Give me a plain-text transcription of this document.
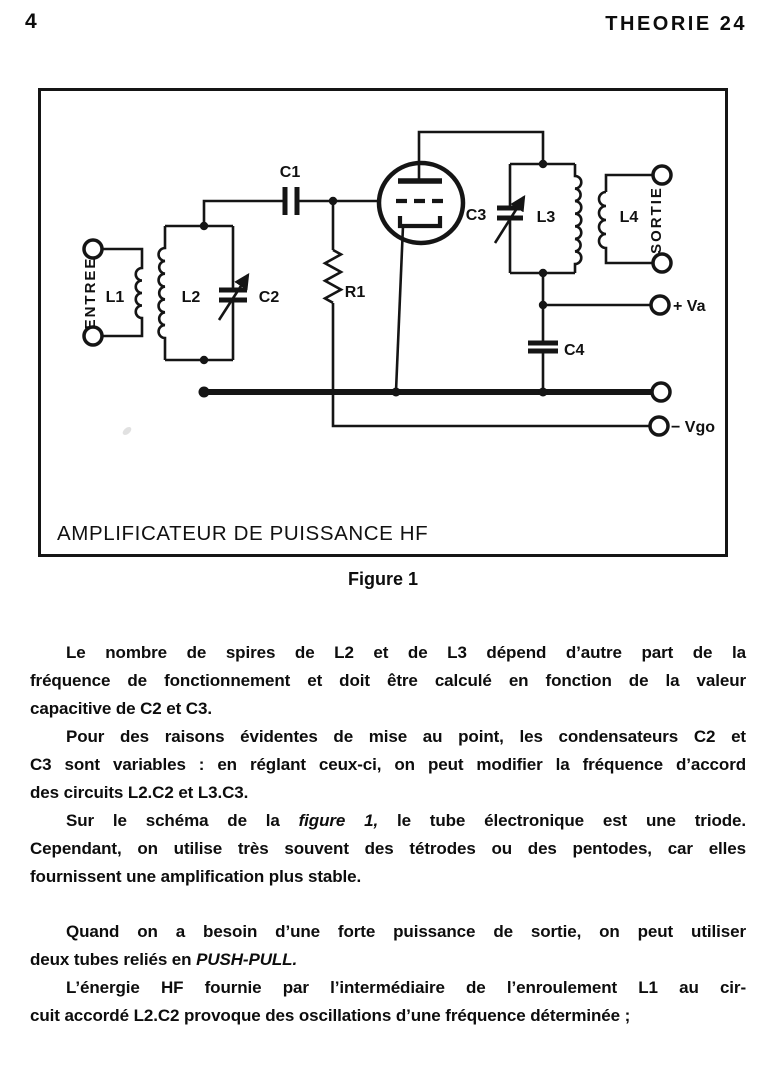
4	THEORIE 24
C1
L1	L2	C2	R1
C3	L3	L4
C4
+ Va
− Vgo
ENTREE
SORTIE
AMPLIFICATEUR DE PUISSANCE HF
Figure 1
Le nombre de spires de L2 et de L3 dépend d’autre part de la
fréquence de fonctionnement et doit être calculé en fonction de la valeur
capacitive de C2 et C3.
Pour des raisons évidentes de mise au point, les condensateurs C2 et
C3 sont variables : en réglant ceux-ci, on peut modifier la fréquence d’accord
des circuits L2.C2 et L3.C3.
Sur le schéma de la figure 1, le tube électronique est une triode.
Cependant, on utilise très souvent des tétrodes ou des pentodes, car elles
fournissent une amplification plus stable.
Quand on a besoin d’une forte puissance de sortie, on peut utiliser
deux tubes reliés en PUSH-PULL.
L’énergie HF fournie par l’intermédiaire de l’enroulement L1 au cir-
cuit accordé L2.C2 provoque des oscillations d’une fréquence déterminée ;
